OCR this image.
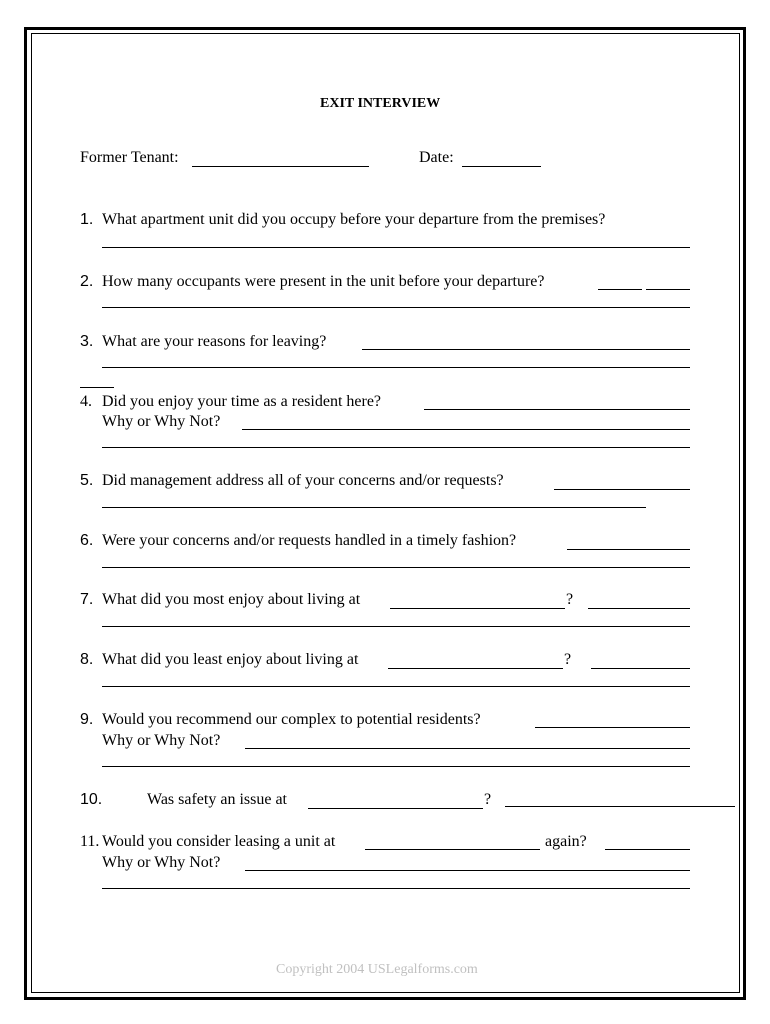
EXIT INTERVIEW
Former Tenant:	Date:
1. What apartment unit did you occupy before your departure from the premises?
2. How many occupants were present in the unit before your departure?
3. What are your reasons for leaving?
4. Did you enjoy your time as a resident here?
Why or Why Not?
5. Did management address all of your concerns and/or requests?
6. Were your concerns and/or requests handled in a timely fashion?
7. What did you most enjoy about living at	?
8. What did you least enjoy about living at	?
9. Would you recommend our complex to potential residents?
Why or Why Not?
10.	Was safety an issue at	?
11. Would you consider leasing a unit at	again?
Why or Why Not?
Copyright 2004 USLegalforms.com
